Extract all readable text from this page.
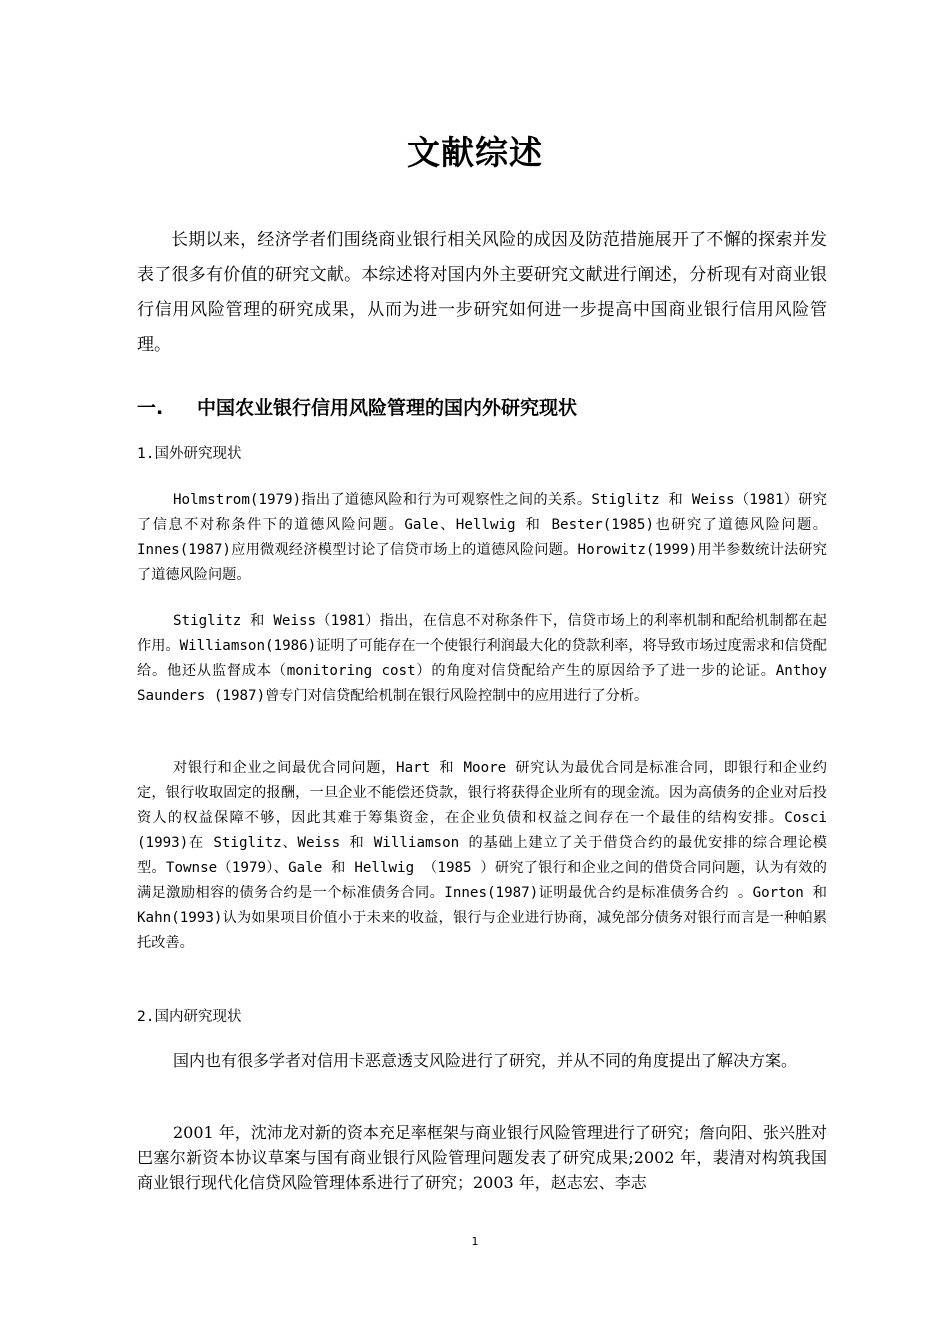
文献综述

长期以来，经济学者们围绕商业银行相关风险的成因及防范措施展开了不懈的探索并发表了很多有价值的研究文献。本综述将对国内外主要研究文献进行阐述，分析现有对商业银行信用风险管理的研究成果，从而为进一步研究如何进一步提高中国商业银行信用风险管理。

一.	中国农业银行信用风险管理的国内外研究现状

1.国外研究现状

Holmstrom(1979)指出了道德风险和行为可观察性之间的关系。Stiglitz 和 Weiss（1981）研究了信息不对称条件下的道德风险问题。Gale、Hellwig 和 Bester(1985)也研究了道德风险问题。Innes(1987)应用微观经济模型讨论了信贷市场上的道德风险问题。Horowitz(1999)用半参数统计法研究了道德风险问题。

Stiglitz 和 Weiss（1981）指出，在信息不对称条件下，信贷市场上的利率机制和配给机制都在起作用。Williamson(1986)证明了可能存在一个使银行利润最大化的贷款利率，将导致市场过度需求和信贷配给。他还从监督成本（monitoring cost）的角度对信贷配给产生的原因给予了进一步的论证。Anthoy Saunders (1987)曾专门对信贷配给机制在银行风险控制中的应用进行了分析。

对银行和企业之间最优合同问题，Hart 和 Moore 研究认为最优合同是标准合同，即银行和企业约定，银行收取固定的报酬，一旦企业不能偿还贷款，银行将获得企业所有的现金流。因为高债务的企业对后投资人的权益保障不够，因此其难于筹集资金，在企业负债和权益之间存在一个最佳的结构安排。Cosci (1993)在 Stiglitz、Weiss 和 Williamson 的基础上建立了关于借贷合约的最优安排的综合理论模型。Townse（1979）、Gale 和 Hellwig （1985 ）研究了银行和企业之间的借贷合同问题，认为有效的满足激励相容的债务合约是一个标准债务合同。Innes(1987)证明最优合约是标准债务合约 。Gorton 和 Kahn(1993)认为如果项目价值小于未来的收益，银行与企业进行协商，减免部分债务对银行而言是一种帕累托改善。

2.国内研究现状

国内也有很多学者对信用卡恶意透支风险进行了研究，并从不同的角度提出了解决方案。

2001 年，沈沛龙对新的资本充足率框架与商业银行风险管理进行了研究；詹向阳、张兴胜对巴塞尔新资本协议草案与国有商业银行风险管理问题发表了研究成果;2002 年，裴清对构筑我国商业银行现代化信贷风险管理体系进行了研究；2003 年，赵志宏、李志

1
